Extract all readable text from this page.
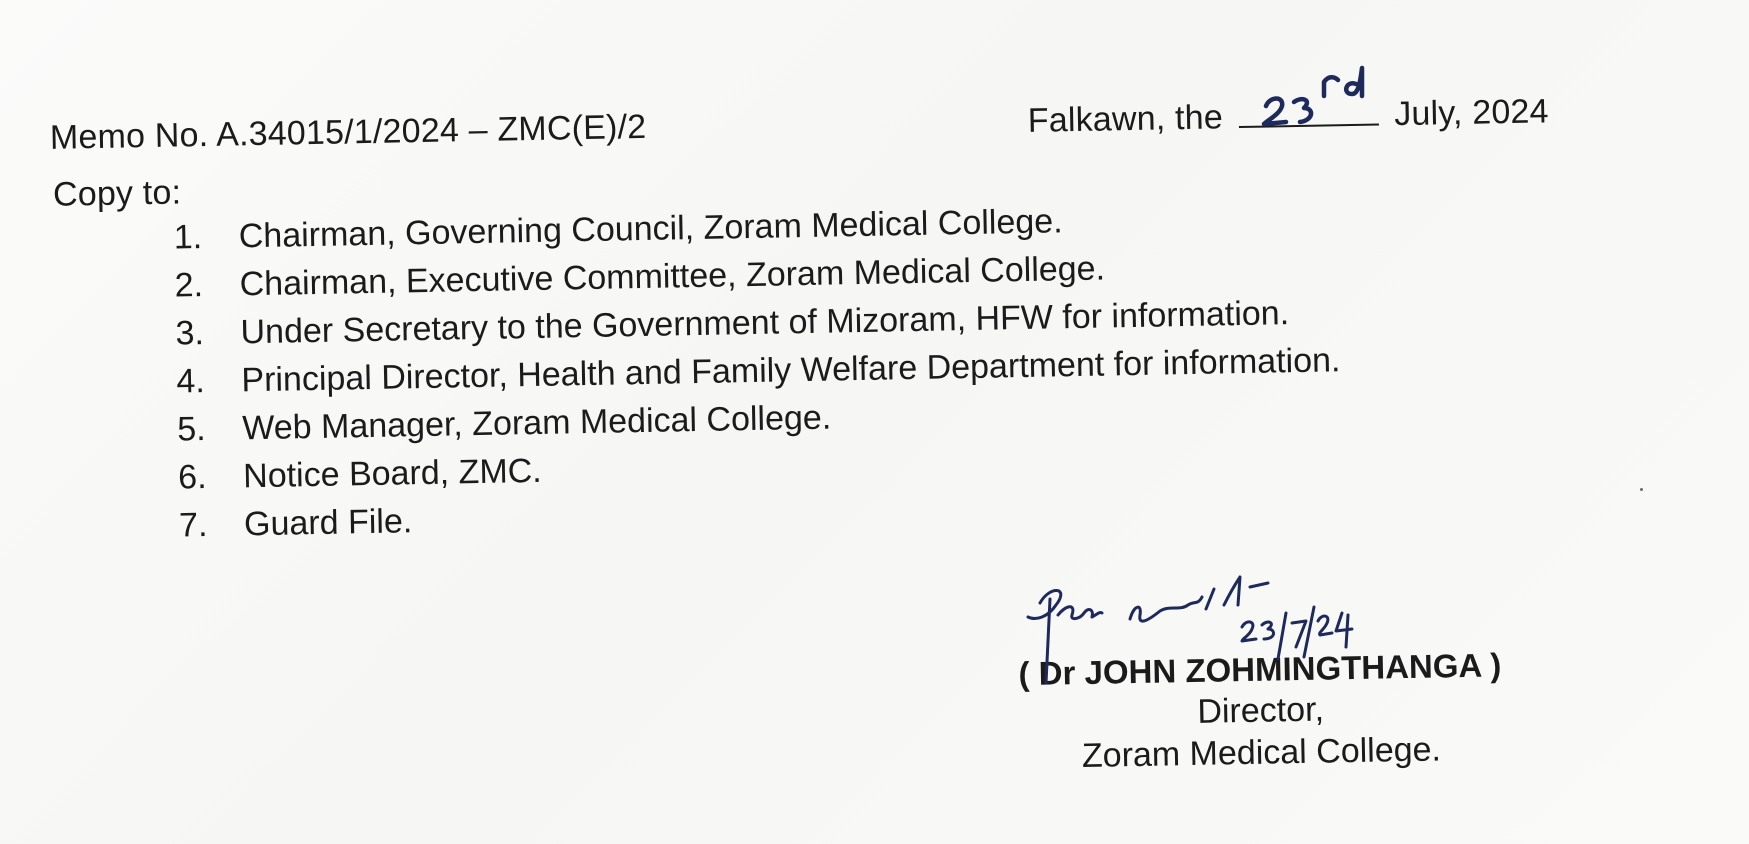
Memo No. A.34015/1/2024 – ZMC(E)/2	Falkawn, the	July, 2024
Copy to:
1. Chairman, Governing Council, Zoram Medical College.
2. Chairman, Executive Committee, Zoram Medical College.
3. Under Secretary to the Government of Mizoram, HFW for information.
4. Principal Director, Health and Family Welfare Department for information.
5. Web Manager, Zoram Medical College.
6. Notice Board, ZMC.
7. Guard File.
( Dr JOHN ZOHMINGTHANGA )
Director,
Zoram Medical College.
